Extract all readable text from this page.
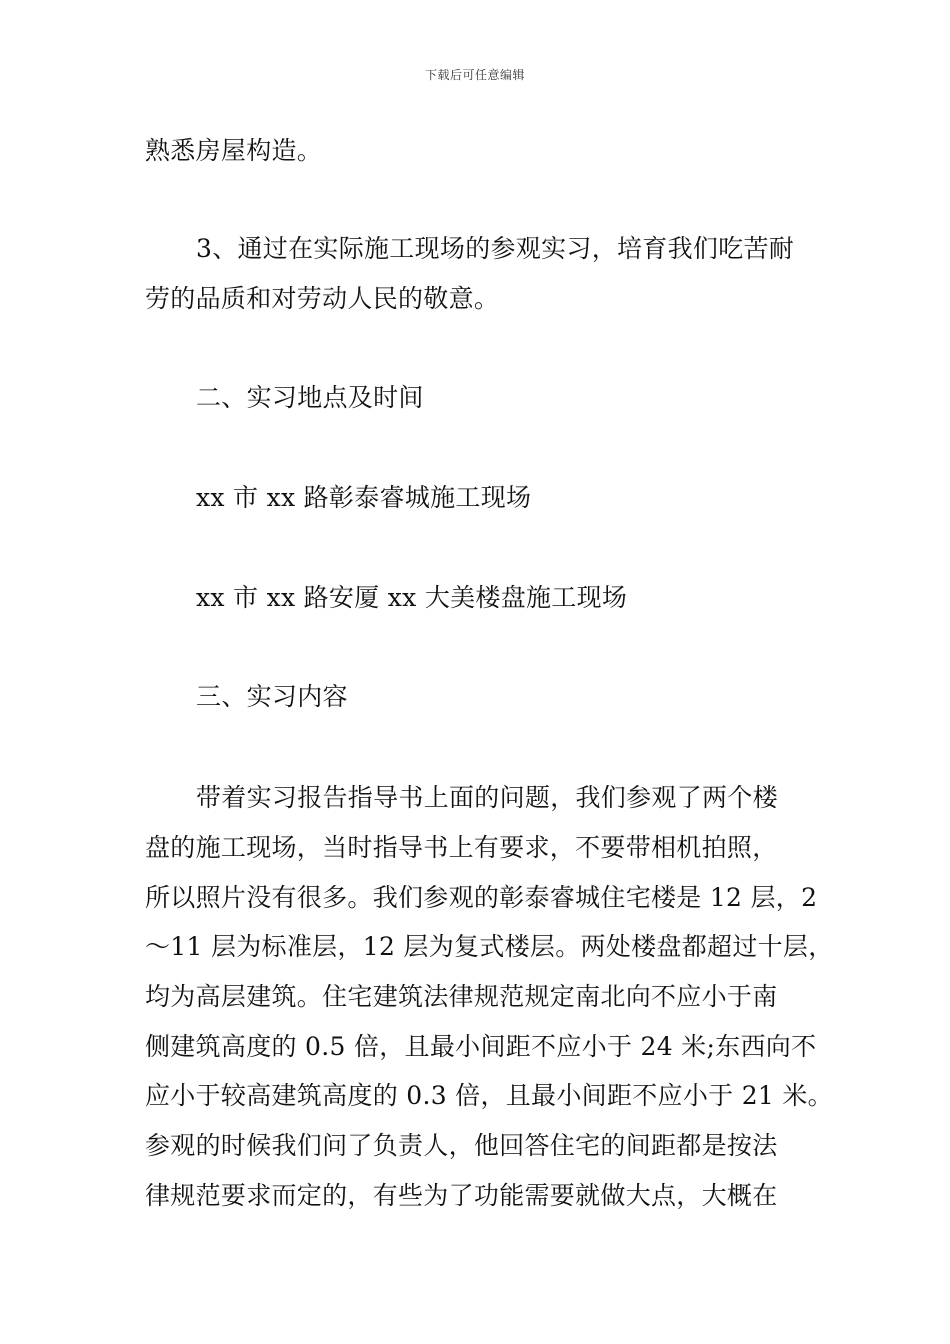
下载后可任意编辑
熟悉房屋构造。
3、通过在实际施工现场的参观实习，培育我们吃苦耐
劳的品质和对劳动人民的敬意。
二、实习地点及时间
xx 市 xx 路彰泰睿城施工现场
xx 市 xx 路安厦 xx 大美楼盘施工现场
三、实习内容
带着实习报告指导书上面的问题，我们参观了两个楼
盘的施工现场，当时指导书上有要求，不要带相机拍照，
所以照片没有很多。我们参观的彰泰睿城住宅楼是 12 层，2
～11 层为标准层，12 层为复式楼层。两处楼盘都超过十层，
均为高层建筑。住宅建筑法律规范规定南北向不应小于南
侧建筑高度的 0.5 倍，且最小间距不应小于 24 米;东西向不
应小于较高建筑高度的 0.3 倍，且最小间距不应小于 21 米。
参观的时候我们问了负责人，他回答住宅的间距都是按法
律规范要求而定的，有些为了功能需要就做大点，大概在
